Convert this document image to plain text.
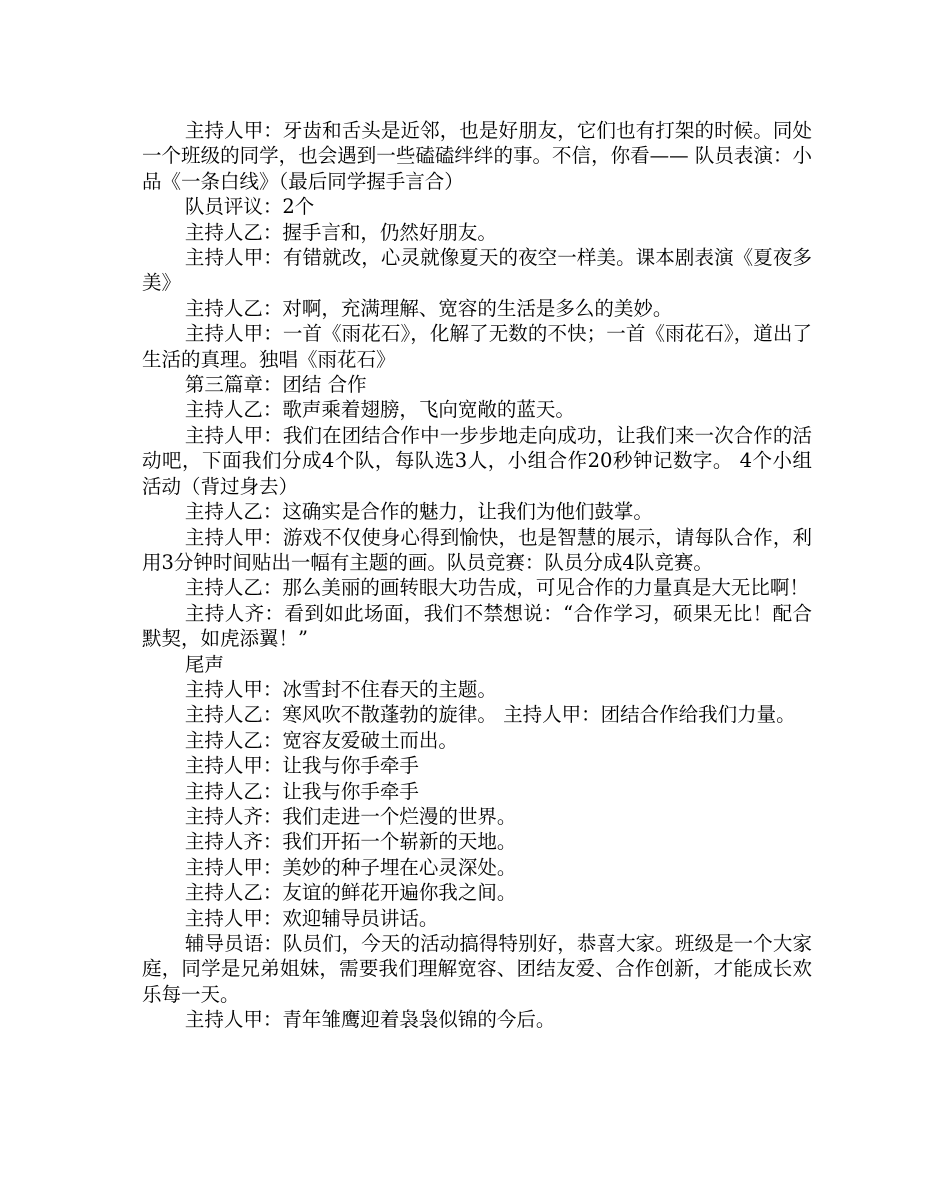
主持人甲：牙齿和舌头是近邻，也是好朋友，它们也有打架的时候。同处一个班级的同学，也会遇到一些磕磕绊绊的事。不信，你看—— 队员表演：小品《一条白线》（最后同学握手言合）

队员评议：2个

主持人乙：握手言和，仍然好朋友。

主持人甲：有错就改，心灵就像夏天的夜空一样美。课本剧表演《夏夜多美》

主持人乙：对啊，充满理解、宽容的生活是多么的美妙。

主持人甲：一首《雨花石》，化解了无数的不快；一首《雨花石》，道出了生活的真理。独唱《雨花石》

第三篇章：团结 合作

主持人乙：歌声乘着翅膀，飞向宽敞的蓝天。

主持人甲：我们在团结合作中一步步地走向成功，让我们来一次合作的活动吧，下面我们分成4个队，每队选3人，小组合作20秒钟记数字。 4个小组活动（背过身去）

主持人乙：这确实是合作的魅力，让我们为他们鼓掌。

主持人甲：游戏不仅使身心得到愉快，也是智慧的展示，请每队合作，利用3分钟时间贴出一幅有主题的画。队员竞赛：队员分成4队竞赛。

主持人乙：那么美丽的画转眼大功告成，可见合作的力量真是大无比啊！

主持人齐：看到如此场面，我们不禁想说：“合作学习，硕果无比！配合默契，如虎添翼！”

尾声

主持人甲：冰雪封不住春天的主题。

主持人乙：寒风吹不散蓬勃的旋律。 主持人甲：团结合作给我们力量。

主持人乙：宽容友爱破土而出。

主持人甲：让我与你手牵手

主持人乙：让我与你手牵手

主持人齐：我们走进一个烂漫的世界。

主持人齐：我们开拓一个崭新的天地。

主持人甲：美妙的种子埋在心灵深处。

主持人乙：友谊的鲜花开遍你我之间。

主持人甲：欢迎辅导员讲话。

辅导员语：队员们，今天的活动搞得特别好，恭喜大家。班级是一个大家庭，同学是兄弟姐妹，需要我们理解宽容、团结友爱、合作创新，才能成长欢乐每一天。

主持人甲：青年雏鹰迎着袅袅似锦的今后。
